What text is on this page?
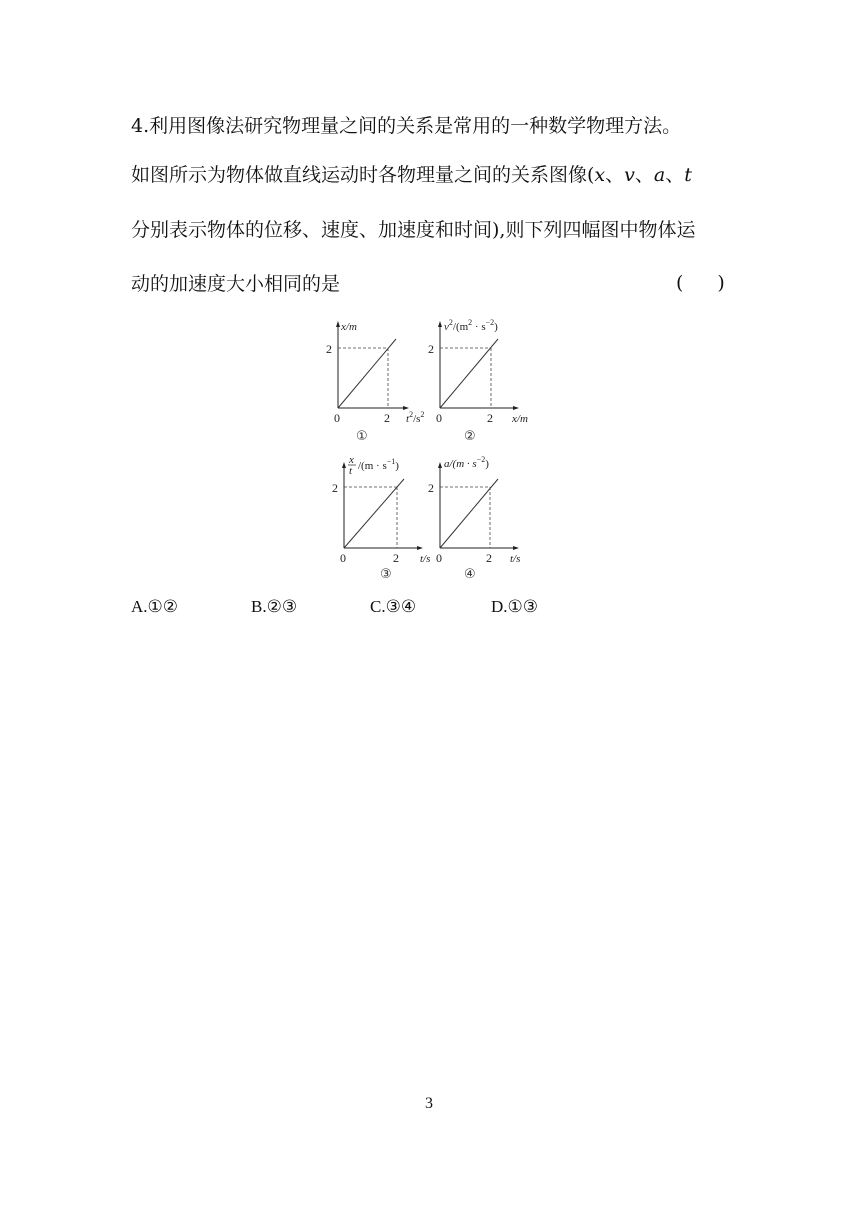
4.利用图像法研究物理量之间的关系是常用的一种数学物理方法。
如图所示为物体做直线运动时各物理量之间的关系图像(x、v、a、t
分别表示物体的位移、速度、加速度和时间),则下列四幅图中物体运
动的加速度大小相同的是	( )
x/m
2
0	2 $t^2/s^2$
①
$v^2/(m^2 \cdot s^{-2})$
2
0	2 x/m
②
x
t $/(m \cdot s^{-1})$
2
0	2 t/s
③
$a/(m \cdot s^{-2})$
2
0	2 t/s
④
A.①②	B.②③	C.③④	D.①③
3
